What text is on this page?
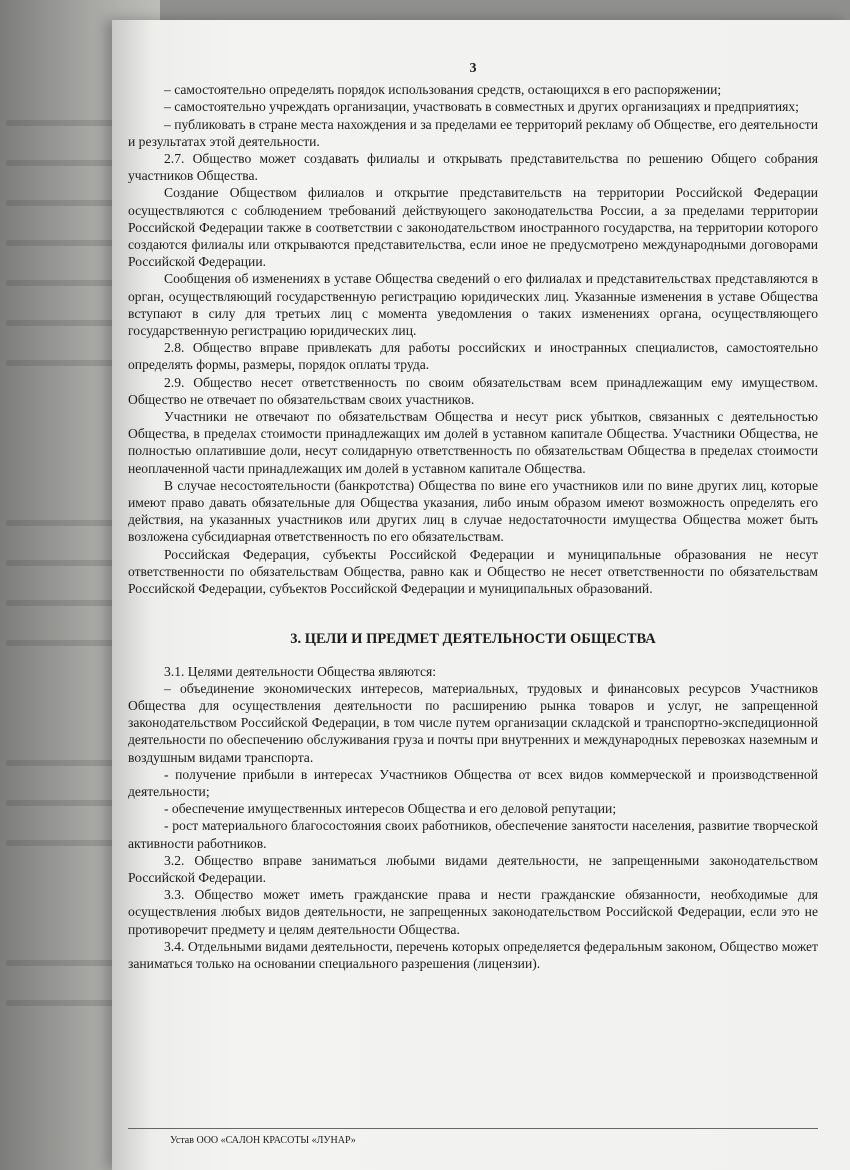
3

– самостоятельно определять порядок использования средств, остающихся в его распоряжении;

– самостоятельно учреждать организации, участвовать в совместных и других организациях и предприятиях;

– публиковать в стране места нахождения и за пределами ее территорий рекламу об Обществе, его деятельности и результатах этой деятельности.

2.7. Общество может создавать филиалы и открывать представительства по решению Общего собрания участников Общества.

Создание Обществом филиалов и открытие представительств на территории Российской Федерации осуществляются с соблюдением требований действующего законодательства России, а за пределами территории Российской Федерации также в соответствии с законодательством иностранного государства, на территории которого создаются филиалы или открываются представительства, если иное не предусмотрено международными договорами Российской Федерации.

Сообщения об изменениях в уставе Общества сведений о его филиалах и представительствах представляются в орган, осуществляющий государственную регистрацию юридических лиц. Указанные изменения в уставе Общества вступают в силу для третьих лиц с момента уведомления о таких изменениях органа, осуществляющего государственную регистрацию юридических лиц.

2.8. Общество вправе привлекать для работы российских и иностранных специалистов, самостоятельно определять формы, размеры, порядок оплаты труда.

2.9. Общество несет ответственность по своим обязательствам всем принадлежащим ему имуществом. Общество не отвечает по обязательствам своих участников.

Участники не отвечают по обязательствам Общества и несут риск убытков, связанных с деятельностью Общества, в пределах стоимости принадлежащих им долей в уставном капитале Общества. Участники Общества, не полностью оплатившие доли, несут солидарную ответственность по обязательствам Общества в пределах стоимости неоплаченной части принадлежащих им долей в уставном капитале Общества.

В случае несостоятельности (банкротства) Общества по вине его участников или по вине других лиц, которые имеют право давать обязательные для Общества указания, либо иным образом имеют возможность определять его действия, на указанных участников или других лиц в случае недостаточности имущества Общества может быть возложена субсидиарная ответственность по его обязательствам.

Российская Федерация, субъекты Российской Федерации и муниципальные образования не несут ответственности по обязательствам Общества, равно как и Общество не несет ответственности по обязательствам Российской Федерации, субъектов Российской Федерации и муниципальных образований.

3. ЦЕЛИ И ПРЕДМЕТ ДЕЯТЕЛЬНОСТИ ОБЩЕСТВА

3.1. Целями деятельности Общества являются:

– объединение экономических интересов, материальных, трудовых и финансовых ресурсов Участников Общества для осуществления деятельности по расширению рынка товаров и услуг, не запрещенной законодательством Российской Федерации, в том числе путем организации складской и транспортно-экспедиционной деятельности по обеспечению обслуживания груза и почты при внутренних и международных перевозках наземным и воздушным видами транспорта.

- получение прибыли в интересах Участников Общества от всех видов коммерческой и производственной деятельности;

- обеспечение имущественных интересов Общества и его деловой репутации;

- рост материального благосостояния своих работников, обеспечение занятости населения, развитие творческой активности работников.

3.2. Общество вправе заниматься любыми видами деятельности, не запрещенными законодательством Российской Федерации.

3.3. Общество может иметь гражданские права и нести гражданские обязанности, необходимые для осуществления любых видов деятельности, не запрещенных законодательством Российской Федерации, если это не противоречит предмету и целям деятельности Общества.

3.4. Отдельными видами деятельности, перечень которых определяется федеральным законом, Общество может заниматься только на основании специального разрешения (лицензии).

Устав ООО «САЛОН КРАСОТЫ «ЛУНАР»
